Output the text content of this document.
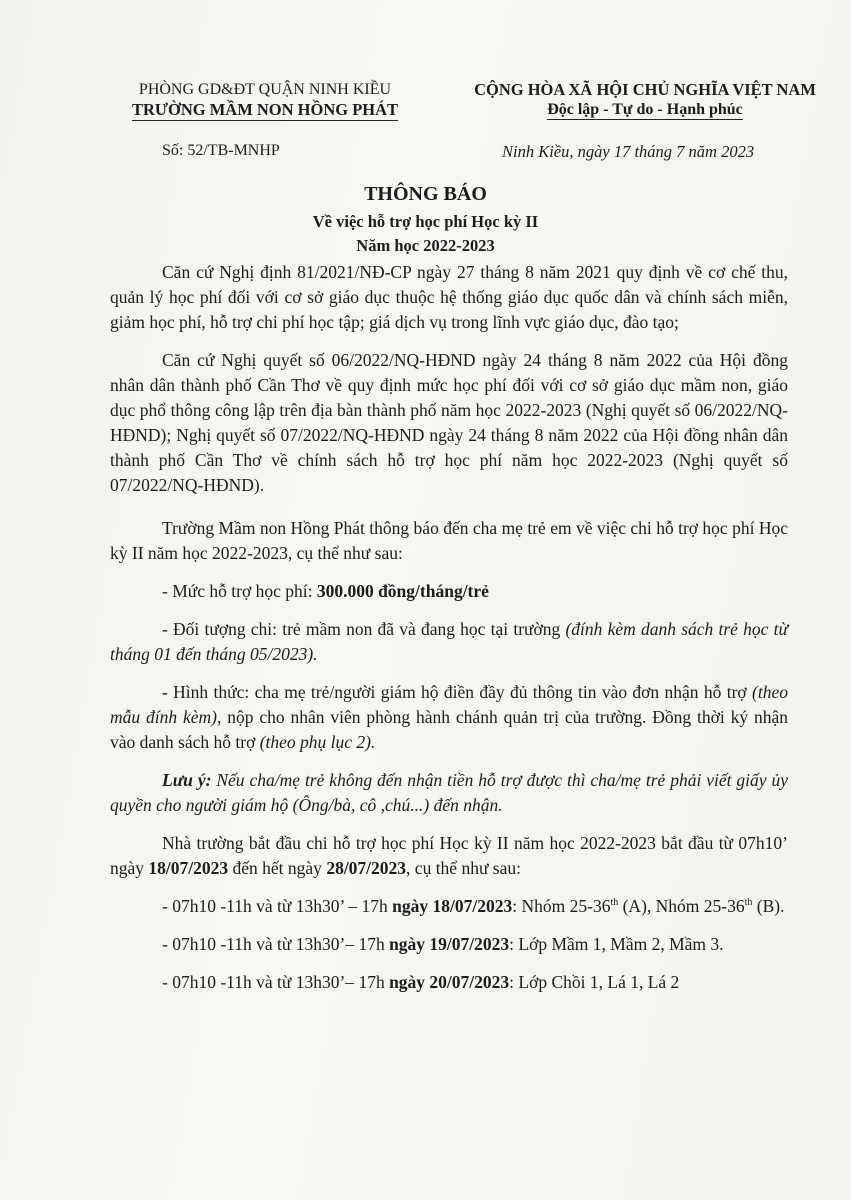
PHÒNG GD&ĐT QUẬN NINH KIỀU
TRƯỜNG MẦM NON HỒNG PHÁT
CỘNG HÒA XÃ HỘI CHỦ NGHĨA VIỆT NAM
Độc lập - Tự do - Hạnh phúc
Số: 52/TB-MNHP	Ninh Kiều, ngày 17 tháng 7 năm 2023
THÔNG BÁO
Về việc hỗ trợ học phí Học kỳ II
Năm học 2022-2023

Căn cứ Nghị định 81/2021/NĐ-CP ngày 27 tháng 8 năm 2021 quy định về cơ chế thu, quản lý học phí đối với cơ sở giáo dục thuộc hệ thống giáo dục quốc dân và chính sách miễn, giảm học phí, hỗ trợ chi phí học tập; giá dịch vụ trong lĩnh vực giáo dục, đào tạo;

Căn cứ Nghị quyết số 06/2022/NQ-HĐND ngày 24 tháng 8 năm 2022 của Hội đồng nhân dân thành phố Cần Thơ về quy định mức học phí đối với cơ sở giáo dục mầm non, giáo dục phổ thông công lập trên địa bàn thành phố năm học 2022-2023 (Nghị quyết số 06/2022/NQ-HĐND); Nghị quyết số 07/2022/NQ-HĐND ngày 24 tháng 8 năm 2022 của Hội đồng nhân dân thành phố Cần Thơ về chính sách hỗ trợ học phí năm học 2022-2023 (Nghị quyết số 07/2022/NQ-HĐND).

Trường Mầm non Hồng Phát thông báo đến cha mẹ trẻ em về việc chi hỗ trợ học phí Học kỳ II năm học 2022-2023, cụ thể như sau:

- Mức hỗ trợ học phí: 300.000 đồng/tháng/trẻ

- Đối tượng chi: trẻ mầm non đã và đang học tại trường (đính kèm danh sách trẻ học từ tháng 01 đến tháng 05/2023).

- Hình thức: cha mẹ trẻ/người giám hộ điền đầy đủ thông tin vào đơn nhận hỗ trợ (theo mẫu đính kèm), nộp cho nhân viên phòng hành chánh quản trị của trường. Đồng thời ký nhận vào danh sách hỗ trợ (theo phụ lục 2).

Lưu ý: Nếu cha/mẹ trẻ không đến nhận tiền hỗ trợ được thì cha/mẹ trẻ phải viết giấy ủy quyền cho người giám hộ (Ông/bà, cô ,chú...) đến nhận.

Nhà trường bắt đầu chi hỗ trợ học phí Học kỳ II năm học 2022-2023 bắt đầu từ 07h10’ ngày 18/07/2023 đến hết ngày 28/07/2023, cụ thể như sau:

- 07h10 -11h và từ 13h30’ – 17h ngày 18/07/2023: Nhóm 25-36th (A), Nhóm 25-36th (B).

- 07h10 -11h và từ 13h30’– 17h ngày 19/07/2023: Lớp Mầm 1, Mầm 2, Mầm 3.

- 07h10 -11h và từ 13h30’– 17h ngày 20/07/2023: Lớp Chồi 1, Lá 1, Lá 2
